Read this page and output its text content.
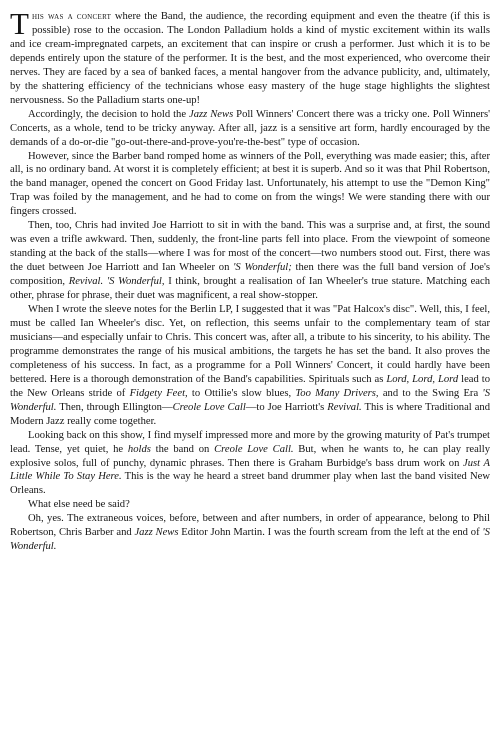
This was a concert where the Band, the audience, the recording equipment and even the theatre (if this is possible) rose to the occasion. The London Palladium holds a kind of mystic excitement within its walls and ice cream-impregnated carpets, an excitement that can inspire or crush a performer. Just which it is to be depends entirely upon the stature of the performer. It is the best, and the most experienced, who overcome their nerves. They are faced by a sea of banked faces, a mental hangover from the advance publicity, and, ultimately, by the shattering efficiency of the technicians whose easy mastery of the huge stage highlights the slightest nervousness. So the Palladium starts one-up!

Accordingly, the decision to hold the Jazz News Poll Winners' Concert there was a tricky one. Poll Winners' Concerts, as a whole, tend to be tricky anyway. After all, jazz is a sensitive art form, hardly encouraged by the demands of a do-or-die "go-out-there-and-prove-you're-the-best" type of occasion.

However, since the Barber band romped home as winners of the Poll, everything was made easier; this, after all, is no ordinary band. At worst it is completely efficient; at best it is superb. And so it was that Phil Robertson, the band manager, opened the concert on Good Friday last. Unfortunately, his attempt to use the "Demon King" Trap was foiled by the management, and he had to come on from the wings! We were standing there with our fingers crossed.

Then, too, Chris had invited Joe Harriott to sit in with the band. This was a surprise and, at first, the sound was even a trifle awkward. Then, suddenly, the front-line parts fell into place. From the viewpoint of someone standing at the back of the stalls—where I was for most of the concert—two numbers stood out. First, there was the duet between Joe Harriott and Ian Wheeler on 'S Wonderful; then there was the full band version of Joe's composition, Revival. 'S Wonderful, I think, brought a realisation of Ian Wheeler's true stature. Matching each other, phrase for phrase, their duet was magnificent, a real show-stopper.

When I wrote the sleeve notes for the Berlin LP, I suggested that it was "Pat Halcox's disc". Well, this, I feel, must be called Ian Wheeler's disc. Yet, on reflection, this seems unfair to the complementary team of star musicians—and especially unfair to Chris. This concert was, after all, a tribute to his sincerity, to his ability. The programme demonstrates the range of his musical ambitions, the targets he has set the band. It also proves the completeness of his success. In fact, as a programme for a Poll Winners' Concert, it could hardly have been bettered. Here is a thorough demonstration of the Band's capabilities. Spirituals such as Lord, Lord, Lord lead to the New Orleans stride of Fidgety Feet, to Ottilie's slow blues, Too Many Drivers, and to the Swing Era 'S Wonderful. Then, through Ellington—Creole Love Call—to Joe Harriott's Revival. This is where Traditional and Modern Jazz really come together.

Looking back on this show, I find myself impressed more and more by the growing maturity of Pat's trumpet lead. Tense, yet quiet, he holds the band on Creole Love Call. But, when he wants to, he can play really explosive solos, full of punchy, dynamic phrases. Then there is Graham Burbidge's bass drum work on Just A Little While To Stay Here. This is the way he heard a street band drummer play when last the band visited New Orleans.

What else need be said?

Oh, yes. The extraneous voices, before, between and after numbers, in order of appearance, belong to Phil Robertson, Chris Barber and Jazz News Editor John Martin. I was the fourth scream from the left at the end of 'S Wonderful.
